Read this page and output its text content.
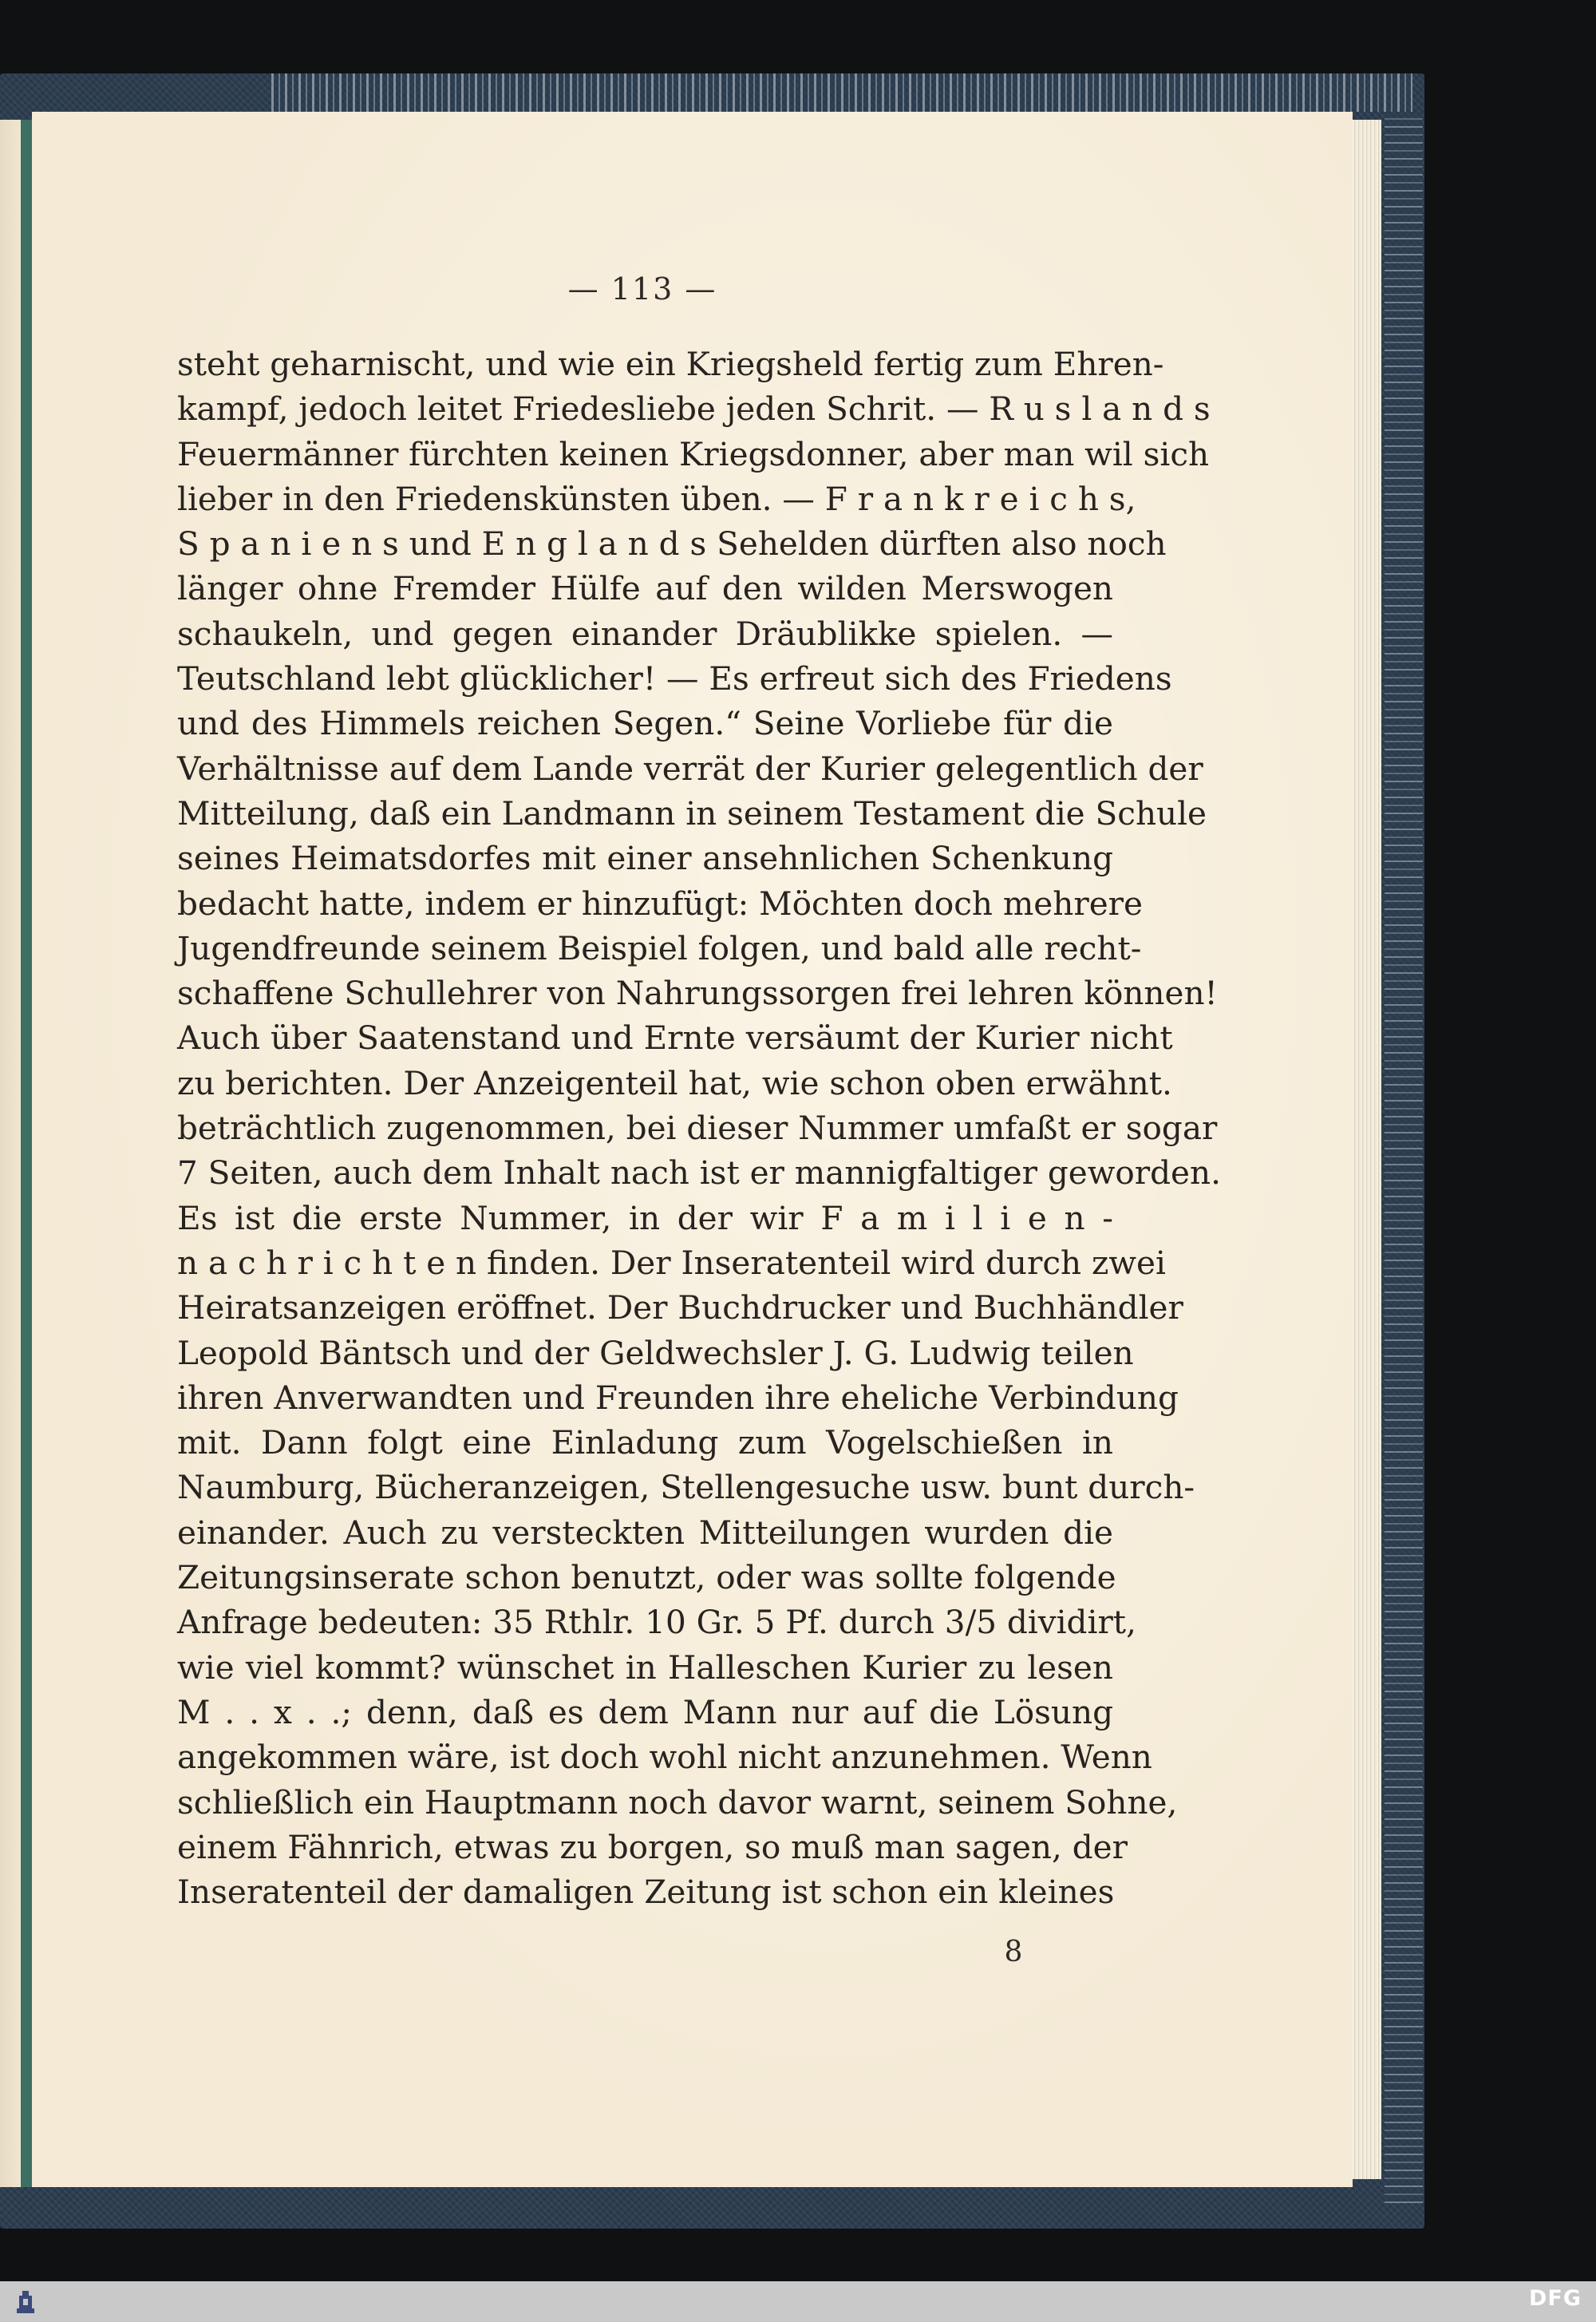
— 113 —
steht geharnischt, und wie ein Kriegsheld fertig zum Ehren-
kampf, jedoch leitet Friedesliebe jeden Schrit. — R u s l a n d s
Feuermänner fürchten keinen Kriegsdonner, aber man wil sich
lieber in den Friedenskünsten üben. — F r a n k r e i c h s,
S p a n i e n s und E n g l a n d s Sehelden dürften also noch
länger ohne Fremder Hülfe auf den wilden Merswogen
schaukeln, und gegen einander Dräublikke spielen. —
Teutschland lebt glücklicher! — Es erfreut sich des Friedens
und des Himmels reichen Segen.“ Seine Vorliebe für die
Verhältnisse auf dem Lande verrät der Kurier gelegentlich der
Mitteilung, daß ein Landmann in seinem Testament die Schule
seines Heimatsdorfes mit einer ansehnlichen Schenkung
bedacht hatte, indem er hinzufügt: Möchten doch mehrere
Jugendfreunde seinem Beispiel folgen, und bald alle recht-
schaffene Schullehrer von Nahrungssorgen frei lehren können!
Auch über Saatenstand und Ernte versäumt der Kurier nicht
zu berichten. Der Anzeigenteil hat, wie schon oben erwähnt.
beträchtlich zugenommen, bei dieser Nummer umfaßt er sogar
7 Seiten, auch dem Inhalt nach ist er mannigfaltiger geworden.
Es ist die erste Nummer, in der wir F a m i l i e n -
n a c h r i c h t e n finden. Der Inseratenteil wird durch zwei
Heiratsanzeigen eröffnet. Der Buchdrucker und Buchhändler
Leopold Bäntsch und der Geldwechsler J. G. Ludwig teilen
ihren Anverwandten und Freunden ihre eheliche Verbindung
mit. Dann folgt eine Einladung zum Vogelschießen in
Naumburg, Bücheranzeigen, Stellengesuche usw. bunt durch-
einander. Auch zu versteckten Mitteilungen wurden die
Zeitungsinserate schon benutzt, oder was sollte folgende
Anfrage bedeuten: 35 Rthlr. 10 Gr. 5 Pf. durch 3/5 dividirt,
wie viel kommt? wünschet in Halleschen Kurier zu lesen
M . . x . .; denn, daß es dem Mann nur auf die Lösung
angekommen wäre, ist doch wohl nicht anzunehmen. Wenn
schließlich ein Hauptmann noch davor warnt, seinem Sohne,
einem Fähnrich, etwas zu borgen, so muß man sagen, der
Inseratenteil der damaligen Zeitung ist schon ein kleines
8
DFG
